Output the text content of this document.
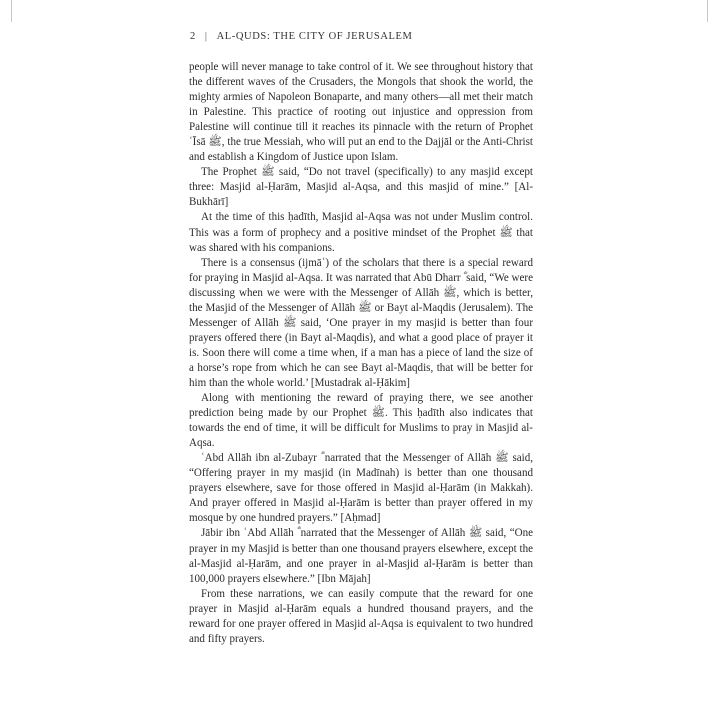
2 | AL-QUDS: THE CITY OF JERUSALEM

people will never manage to take control of it. We see throughout history that the different waves of the Crusaders, the Mongols that shook the world, the mighty armies of Napoleon Bonaparte, and many others—all met their match in Palestine. This practice of rooting out injustice and oppression from Palestine will continue till it reaches its pinnacle with the return of Prophet ʿĪsā ﷺ, the true Messiah, who will put an end to the Dajjāl or the Anti-Christ and establish a Kingdom of Justice upon Islam.

The Prophet ﷺ said, “Do not travel (specifically) to any masjid except three: Masjid al-Ḥarām, Masjid al-Aqsa, and this masjid of mine.” [Al-Bukhārī]

At the time of this ḥadīth, Masjid al-Aqsa was not under Muslim control. This was a form of prophecy and a positive mindset of the Prophet ﷺ that was shared with his companions.

There is a consensus (ijmāʿ) of the scholars that there is a special reward for praying in Masjid al-Aqsa. It was narrated that Abū Dharr ؓ said, “We were discussing when we were with the Messenger of Allāh ﷺ, which is better, the Masjid of the Messenger of Allāh ﷺ or Bayt al-Maqdis (Jerusalem). The Messenger of Allāh ﷺ said, ‘One prayer in my masjid is better than four prayers offered there (in Bayt al-Maqdis), and what a good place of prayer it is. Soon there will come a time when, if a man has a piece of land the size of a horse’s rope from which he can see Bayt al-Maqdis, that will be better for him than the whole world.’ [Mustadrak al-Ḥākim]

Along with mentioning the reward of praying there, we see another prediction being made by our Prophet ﷺ. This ḥadīth also indicates that towards the end of time, it will be difficult for Muslims to pray in Masjid al-Aqsa.

ʿAbd Allāh ibn al-Zubayr ؓ narrated that the Messenger of Allāh ﷺ said, “Offering prayer in my masjid (in Madīnah) is better than one thousand prayers elsewhere, save for those offered in Masjid al-Ḥarām (in Makkah). And prayer offered in Masjid al-Ḥarām is better than prayer offered in my mosque by one hundred prayers.” [Aḥmad]

Jābir ibn ʿAbd Allāh ؓ narrated that the Messenger of Allāh ﷺ said, “One prayer in my Masjid is better than one thousand prayers elsewhere, except the al-Masjid al-Ḥarām, and one prayer in al-Masjid al-Ḥarām is better than 100,000 prayers elsewhere.” [Ibn Mājah]

From these narrations, we can easily compute that the reward for one prayer in Masjid al-Ḥarām equals a hundred thousand prayers, and the reward for one prayer offered in Masjid al-Aqsa is equivalent to two hundred and fifty prayers.
